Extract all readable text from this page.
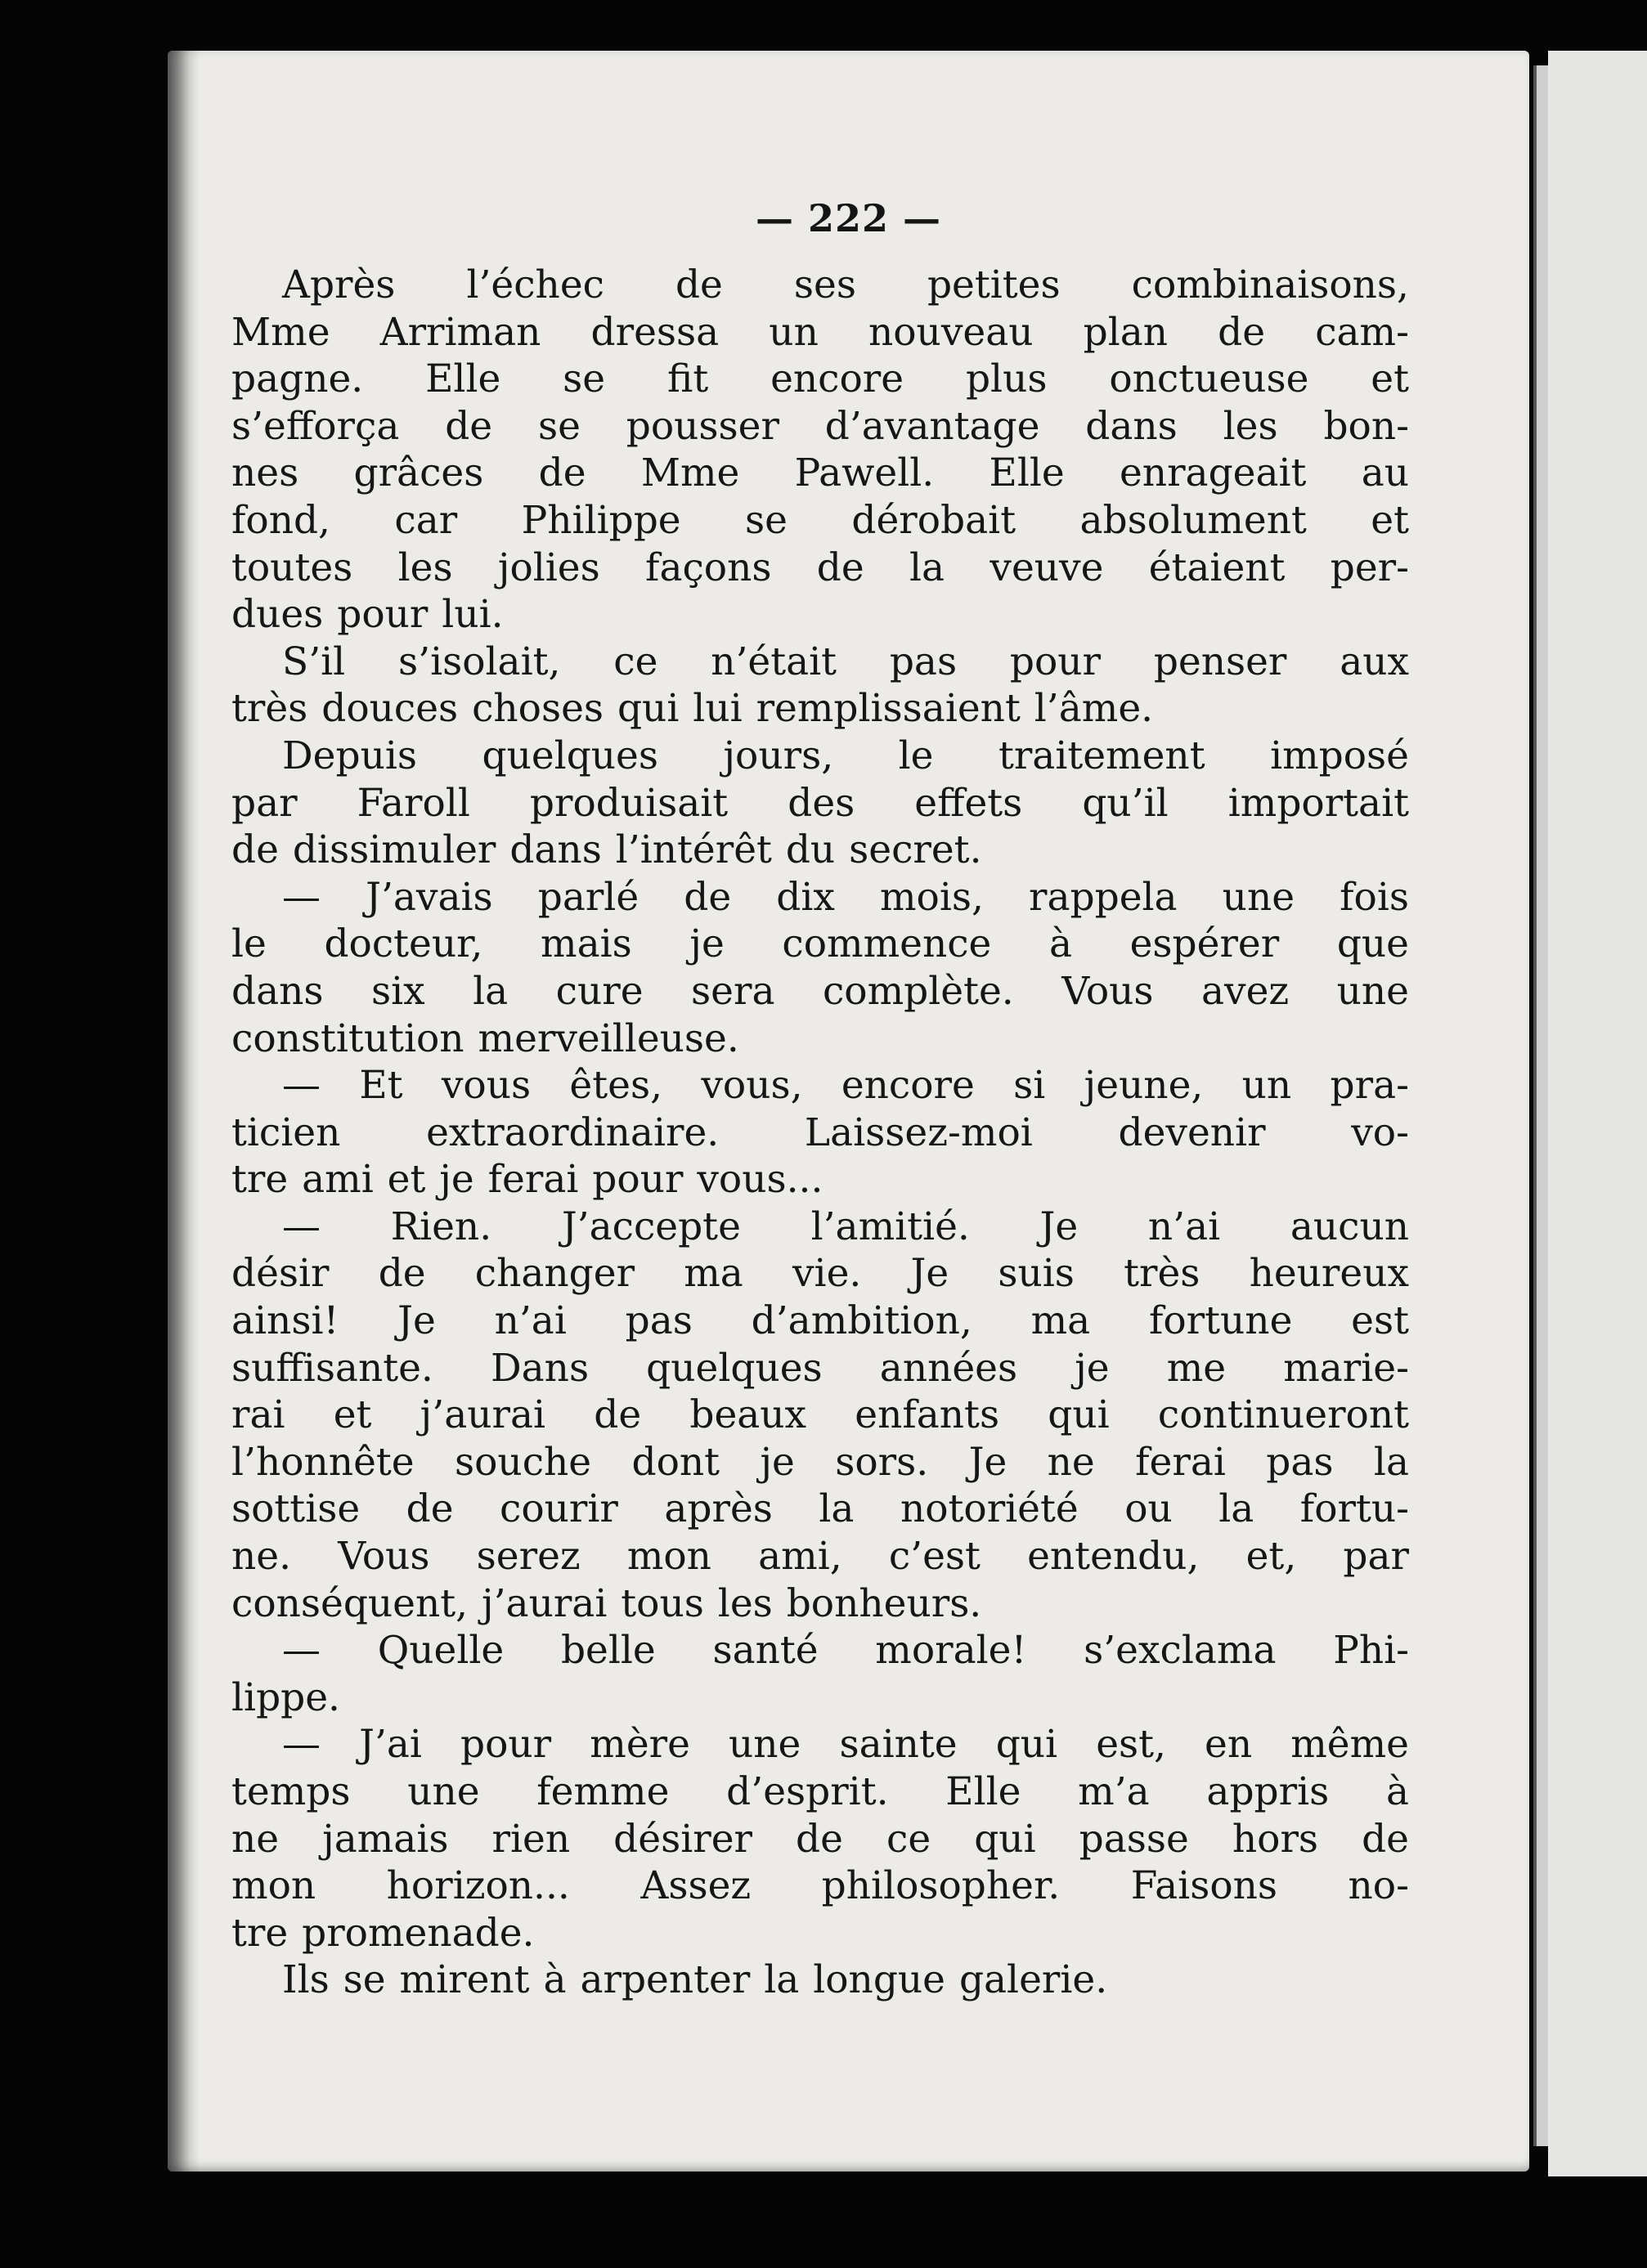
— 222 —
Après l’échec de ses petites combinaisons,
Mme Arriman dressa un nouveau plan de cam-
pagne. Elle se fit encore plus onctueuse et
s’efforça de se pousser d’avantage dans les bon-
nes grâces de Mme Pawell. Elle enrageait au
fond, car Philippe se dérobait absolument et
toutes les jolies façons de la veuve étaient per-
dues pour lui.
S’il s’isolait, ce n’était pas pour penser aux
très douces choses qui lui remplissaient l’âme.
Depuis quelques jours, le traitement imposé
par Faroll produisait des effets qu’il importait
de dissimuler dans l’intérêt du secret.
— J’avais parlé de dix mois, rappela une fois
le docteur, mais je commence à espérer que
dans six la cure sera complète. Vous avez une
constitution merveilleuse.
— Et vous êtes, vous, encore si jeune, un pra-
ticien extraordinaire. Laissez-moi devenir vo-
tre ami et je ferai pour vous...
— Rien. J’accepte l’amitié. Je n’ai aucun
désir de changer ma vie. Je suis très heureux
ainsi! Je n’ai pas d’ambition, ma fortune est
suffisante. Dans quelques années je me marie-
rai et j’aurai de beaux enfants qui continueront
l’honnête souche dont je sors. Je ne ferai pas la
sottise de courir après la notoriété ou la fortu-
ne. Vous serez mon ami, c’est entendu, et, par
conséquent, j’aurai tous les bonheurs.
— Quelle belle santé morale! s’exclama Phi-
lippe.
— J’ai pour mère une sainte qui est, en même
temps une femme d’esprit. Elle m’a appris à
ne jamais rien désirer de ce qui passe hors de
mon horizon... Assez philosopher. Faisons no-
tre promenade.
Ils se mirent à arpenter la longue galerie.
